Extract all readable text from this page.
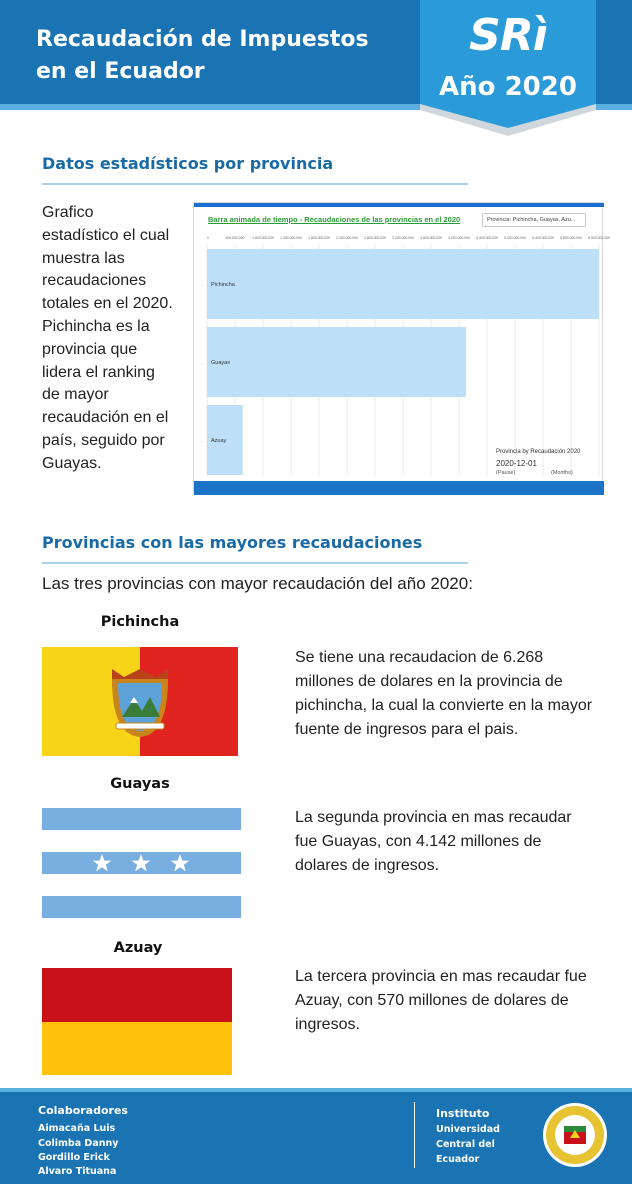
Recaudación de Impuestos
en el Ecuador
SRì
Año 2020
Datos estadísticos por provincia

Grafico estadístico el cual muestra las recaudaciones totales en el 2020.

Pichincha es la provincia que lidera el ranking de mayor recaudación en el país, seguido por Guayas.

Barra animada de tiempo - Recaudaciones de las provincias en el 2020	Provincia: Pichincha, Guayas, Azu...
0	400,000,000 1,000,000,000 1,400,000,000 1,800,000,000 2,400,000,000 2,800,000,000 3,200,000,000 3,600,000,000 4,000,000,000 4,400,000,000 5,000,000,000 5,400,000,000 5,800,000,000 6,000,000,000
Pichincha
-
Guayas
-
Azuay
-
Provincia by Recaudación 2020
2020-12-01
(Pause)	(Months)
Provincias con las mayores recaudaciones
Las tres provincias con mayor recaudación del año 2020:
Pichincha
Se tiene una recaudacion de 6.268 millones de dolares en la provincia de pichincha, la cual la convierte en la mayor fuente de ingresos para el pais.
Guayas
La segunda provincia en mas recaudar fue Guayas, con 4.142 millones de dolares de ingresos.
Azuay
La tercera provincia en mas recaudar fue Azuay, con 570 millones de dolares de ingresos.
Colaboradores
Aimacaña Luis
Colimba Danny
Gordillo Erick
Alvaro Tituana
Instituto
Universidad
Central del
Ecuador
